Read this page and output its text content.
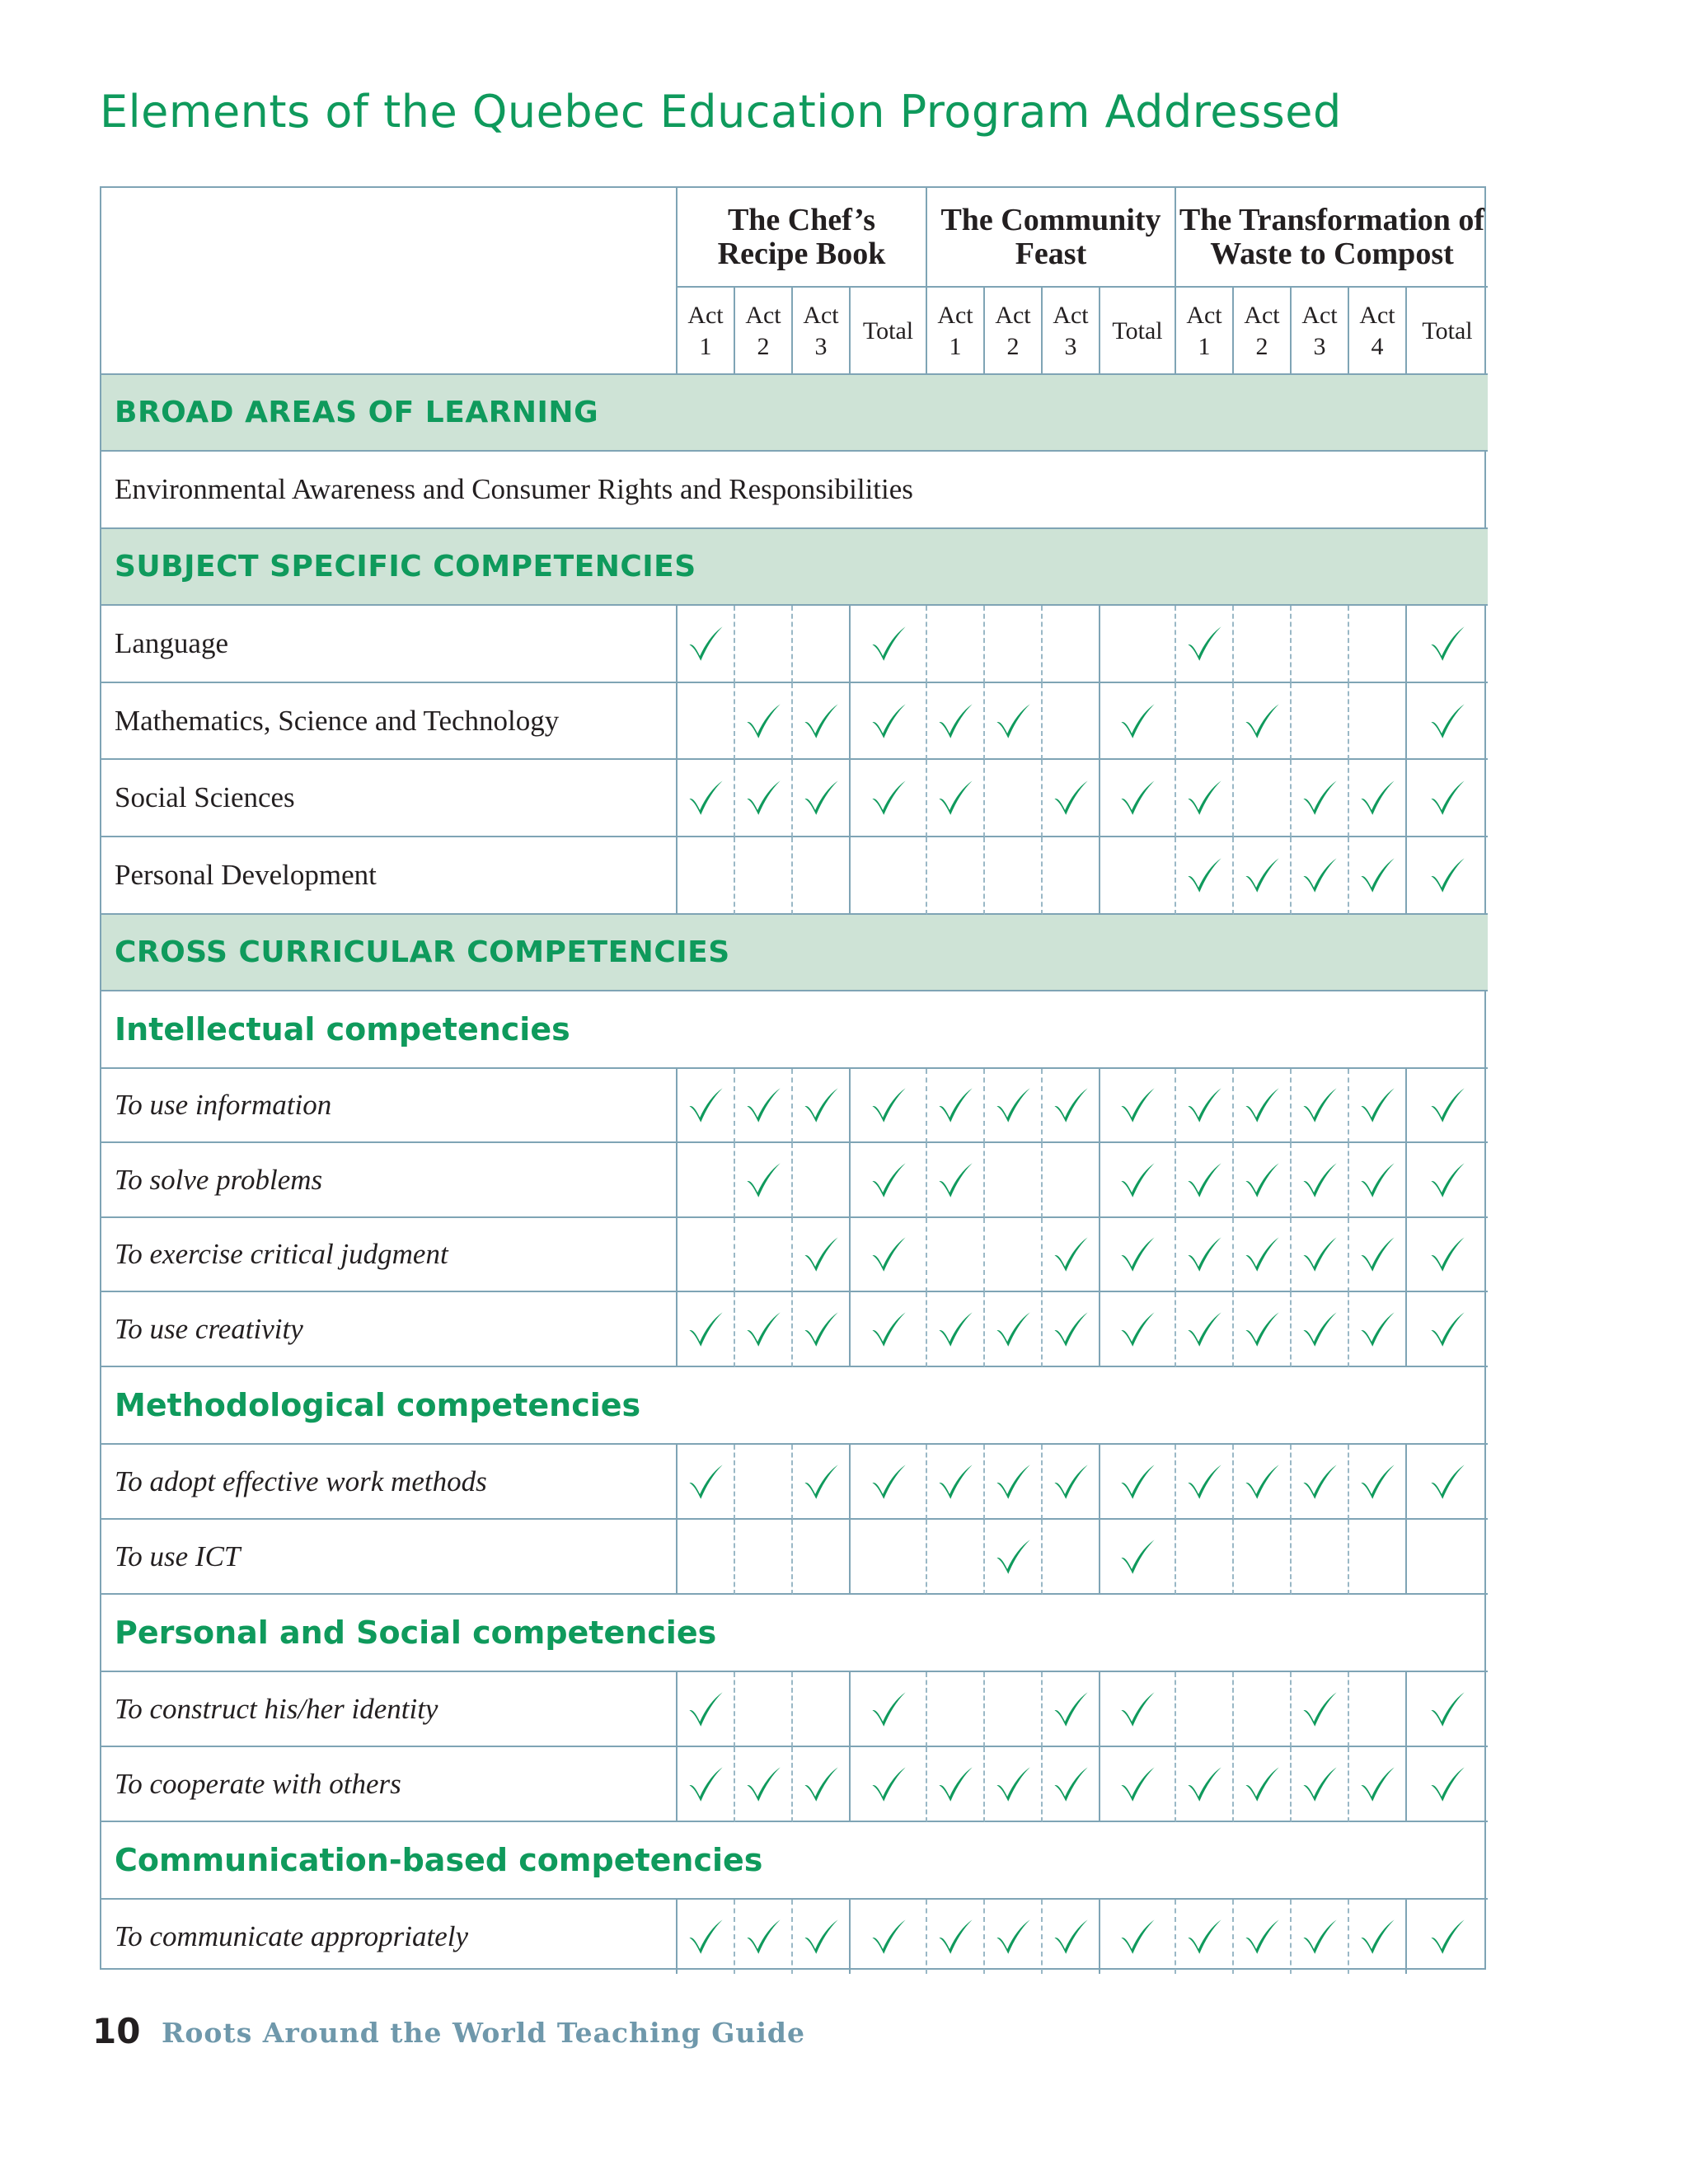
Elements of the Quebec Education Program Addressed
The Chef’s
Recipe Book
Act
1
Act
2
Act
3
Total
The Community
Feast
Act
1
Act
2
Act
3
Total
The Transformation of
Waste to Compost
Act
1
Act
2
Act
3
Act
4
Total
BROAD AREAS OF LEARNING
Environmental Awareness and Consumer Rights and Responsibilities
SUBJECT SPECIFIC COMPETENCIES
Language
Mathematics, Science and Technology
Social Sciences
Personal Development
CROSS CURRICULAR COMPETENCIES
Intellectual competencies
To use information
To solve problems
To exercise critical judgment
To use creativity
Methodological competencies
To adopt effective work methods
To use ICT
Personal and Social competencies
To construct his/her identity
To cooperate with others
Communication-based competencies
To communicate appropriately
10 Roots Around the World Teaching Guide
